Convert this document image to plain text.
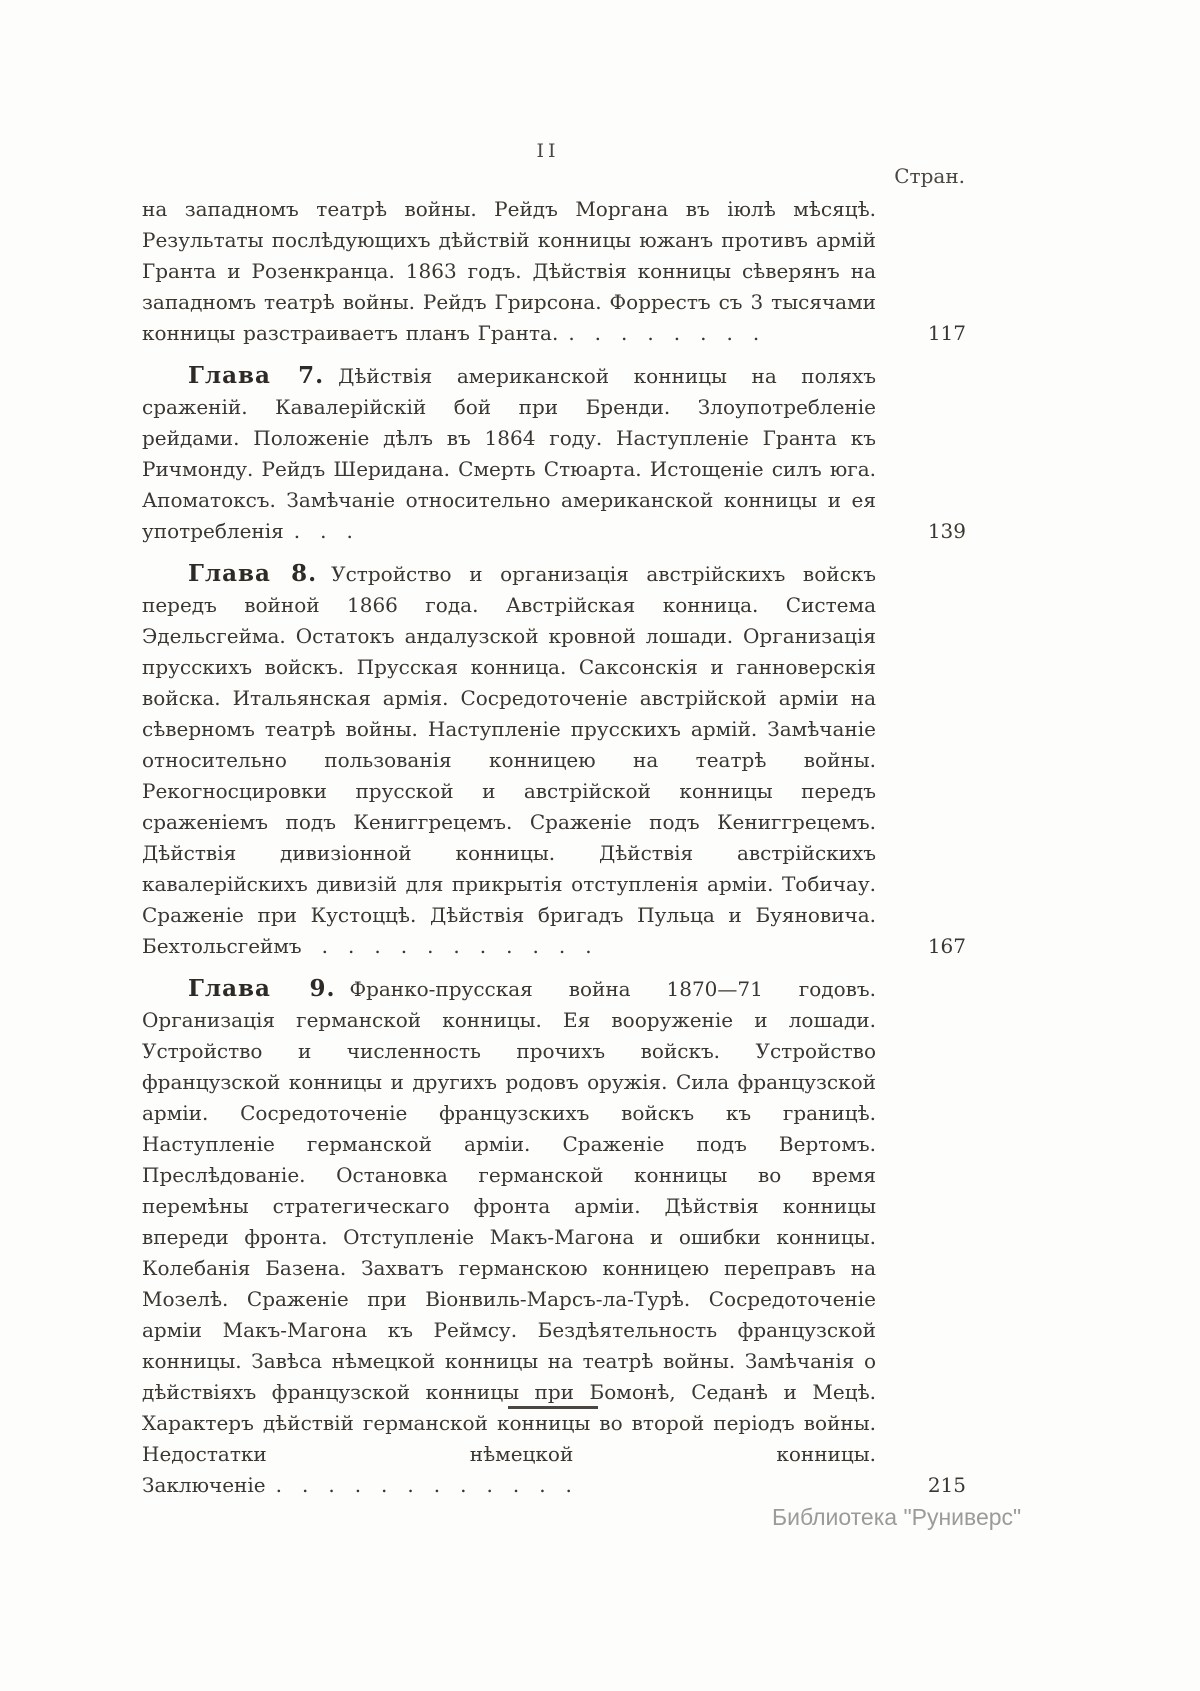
II
Стран.

на западномъ театрѣ войны. Рейдъ Моргана въ іюлѣ мѣсяцѣ. Результаты послѣдующихъ дѣйствій конницы южанъ противъ армій Гранта и Розенкранца. 1863 годъ. Дѣйствія конницы сѣверянъ на западномъ театрѣ войны. Рейдъ Грирсона. Форрестъ съ 3 тысячами конницы разстраиваетъ планъ Гранта. . . . . . . . .	117

Глава 7. Дѣйствія американской конницы на поляхъ сраженій. Кавалерійскій бой при Бренди. Злоупотребленіе рейдами. Положеніе дѣлъ въ 1864 году. Наступленіе Гранта къ Ричмонду. Рейдъ Шеридана. Смерть Стюарта. Истощеніе силъ юга. Апоматоксъ. Замѣчаніе относительно американской конницы и ея употребленія . . .	139

Глава 8. Устройство и организація австрійскихъ войскъ передъ войной 1866 года. Австрійская конница. Система Эдельсгейма. Остатокъ андалузской кровной лошади. Организація прусскихъ войскъ. Прусская конница. Саксонскія и ганноверскія войска. Итальянская армія. Сосредоточеніе австрійской арміи на сѣверномъ театрѣ войны. Наступленіе прусскихъ армій. Замѣчаніе относительно пользованія конницею на театрѣ войны. Рекогносцировки прусской и австрійской конницы передъ сраженіемъ подъ Кениггрецемъ. Сраженіе подъ Кениггрецемъ. Дѣйствія дивизіонной конницы. Дѣйствія австрійскихъ кавалерійскихъ дивизій для прикрытія отступленія арміи. Тобичау. Сраженіе при Кустоццѣ. Дѣйствія бригадъ Пульца и Буяновича. Бехтольсгеймъ . . . . . . . . . . .	167

Глава 9. Франко-прусская война 1870—71 годовъ. Организація германской конницы. Ея вооруженіе и лошади. Устройство и численность прочихъ войскъ. Устройство французской конницы и другихъ родовъ оружія. Сила французской арміи. Сосредоточеніе французскихъ войскъ къ границѣ. Наступленіе германской арміи. Сраженіе подъ Вертомъ. Преслѣдованіе. Остановка германской конницы во время перемѣны стратегическаго фронта арміи. Дѣйствія конницы впереди фронта. Отступленіе Макъ-Магона и ошибки конницы. Колебанія Базена. Захватъ германскою конницею переправъ на Мозелѣ. Сраженіе при Віонвиль-Марсъ-ла-Турѣ. Сосредоточеніе арміи Макъ-Магона къ Реймсу. Бездѣятельность французской конницы. Завѣса нѣмецкой конницы на театрѣ войны. Замѣчанія о дѣйствіяхъ французской конницы при Бомонѣ, Седанѣ и Мецѣ. Характеръ дѣйствій германской конницы во второй періодъ войны. Недостатки нѣмецкой конницы. Заключеніе . . . . . . . . . . . .	215
Библиотека "Руниверс"
